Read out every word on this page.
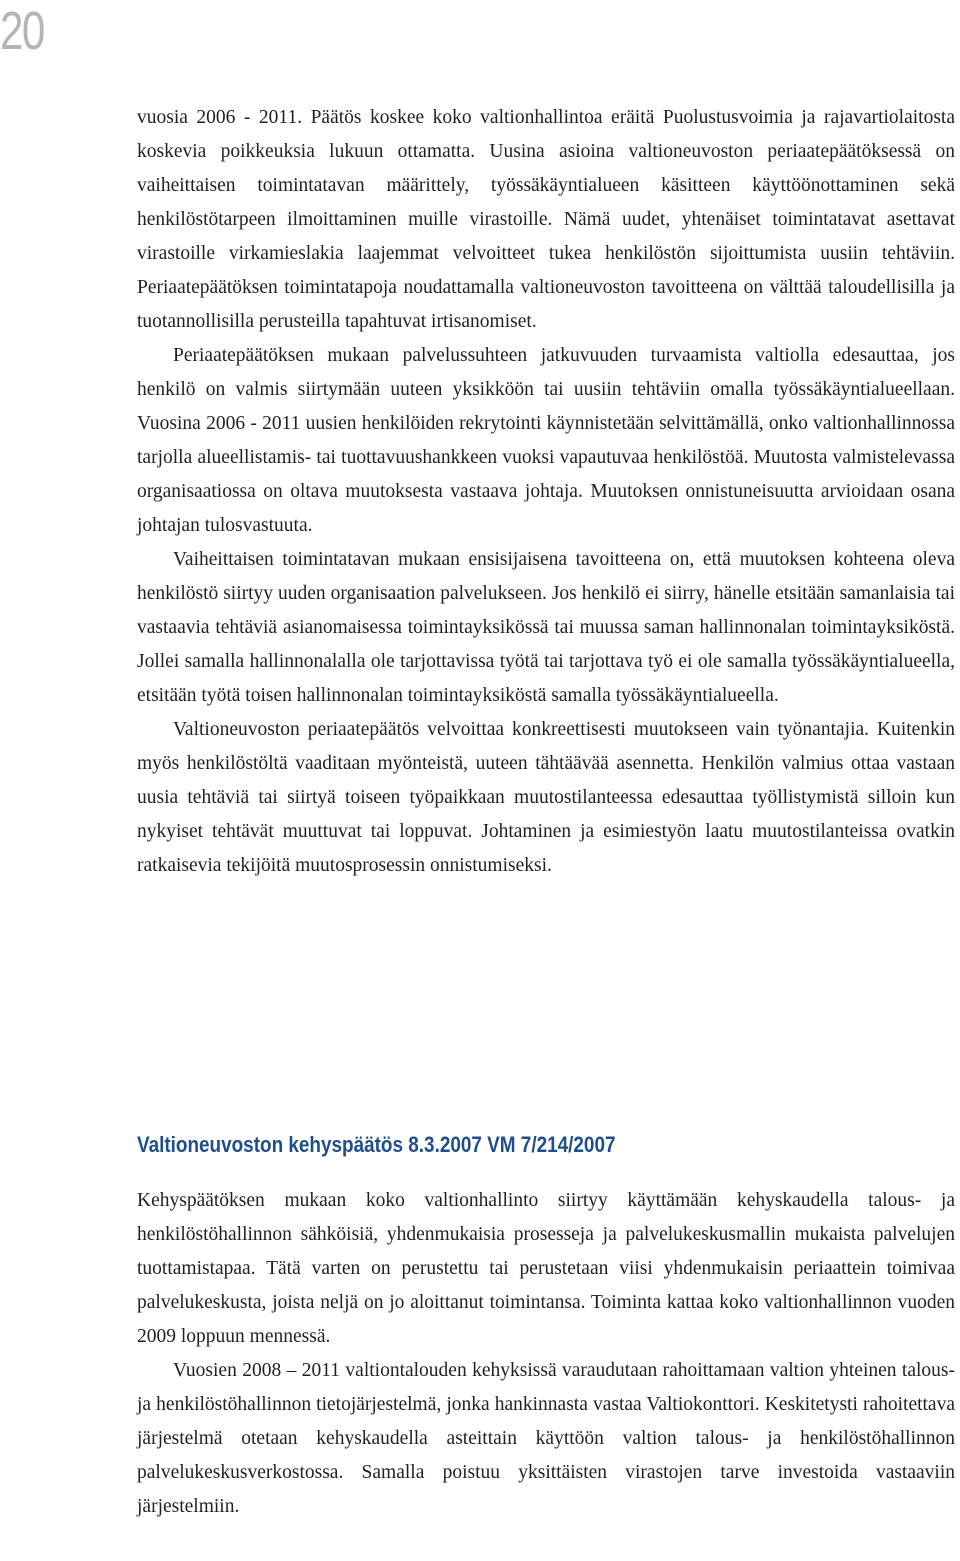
20

vuosia 2006 - 2011. Päätös koskee koko valtionhallintoa eräitä Puolustusvoimia ja rajavartiolaitosta koskevia poikkeuksia lukuun ottamatta. Uusina asioina valtioneuvoston periaatepäätöksessä on vaiheittaisen toimintatavan määrittely, työssäkäyntialueen käsitteen käyttöönottaminen sekä henkilöstötarpeen ilmoittaminen muille virastoille. Nämä uudet, yhtenäiset toimintatavat asettavat virastoille virkamieslakia laajemmat velvoitteet tukea henkilöstön sijoittumista uusiin tehtäviin. Periaatepäätöksen toimintatapoja noudattamalla valtioneuvoston tavoitteena on välttää taloudellisilla ja tuotannollisilla perusteilla tapahtuvat irtisanomiset.

Periaatepäätöksen mukaan palvelussuhteen jatkuvuuden turvaamista valtiolla edesauttaa, jos henkilö on valmis siirtymään uuteen yksikköön tai uusiin tehtäviin omalla työssäkäyntialueellaan. Vuosina 2006 - 2011 uusien henkilöiden rekrytointi käynnistetään selvittämällä, onko valtionhallinnossa tarjolla alueellistamis- tai tuottavuushankkeen vuoksi vapautuvaa henkilöstöä. Muutosta valmistelevassa organisaatiossa on oltava muutoksesta vastaava johtaja. Muutoksen onnistuneisuutta arvioidaan osana johtajan tulosvastuuta.

Vaiheittaisen toimintatavan mukaan ensisijaisena tavoitteena on, että muutoksen kohteena oleva henkilöstö siirtyy uuden organisaation palvelukseen. Jos henkilö ei siirry, hänelle etsitään samanlaisia tai vastaavia tehtäviä asianomaisessa toimintayksikössä tai muussa saman hallinnonalan toimintayksiköstä. Jollei samalla hallinnonalalla ole tarjottavissa työtä tai tarjottava työ ei ole samalla työssäkäyntialueella, etsitään työtä toisen hallinnonalan toimintayksiköstä samalla työssäkäyntialueella.

Valtioneuvoston periaatepäätös velvoittaa konkreettisesti muutokseen vain työnantajia. Kuitenkin myös henkilöstöltä vaaditaan myönteistä, uuteen tähtäävää asennetta. Henkilön valmius ottaa vastaan uusia tehtäviä tai siirtyä toiseen työpaikkaan muutostilanteessa edesauttaa työllistymistä silloin kun nykyiset tehtävät muuttuvat tai loppuvat. Johtaminen ja esimiestyön laatu muutostilanteissa ovatkin ratkaisevia tekijöitä muutosprosessin onnistumiseksi.

Valtioneuvoston kehyspäätös 8.3.2007 VM 7/214/2007

Kehyspäätöksen mukaan koko valtionhallinto siirtyy käyttämään kehyskaudella talous- ja henkilöstöhallinnon sähköisiä, yhdenmukaisia prosesseja ja palvelukeskusmallin mukaista palvelujen tuottamistapaa. Tätä varten on perustettu tai perustetaan viisi yhdenmukaisin periaattein toimivaa palvelukeskusta, joista neljä on jo aloittanut toimintansa. Toiminta kattaa koko valtionhallinnon vuoden 2009 loppuun mennessä.

Vuosien 2008 – 2011 valtiontalouden kehyksissä varaudutaan rahoittamaan valtion yhteinen talous- ja henkilöstöhallinnon tietojärjestelmä, jonka hankinnasta vastaa Valtiokonttori. Keskitetysti rahoitettava järjestelmä otetaan kehyskaudella asteittain käyttöön valtion talous- ja henkilöstöhallinnon palvelukeskusverkostossa. Samalla poistuu yksittäisten virastojen tarve investoida vastaaviin järjestelmiin.
